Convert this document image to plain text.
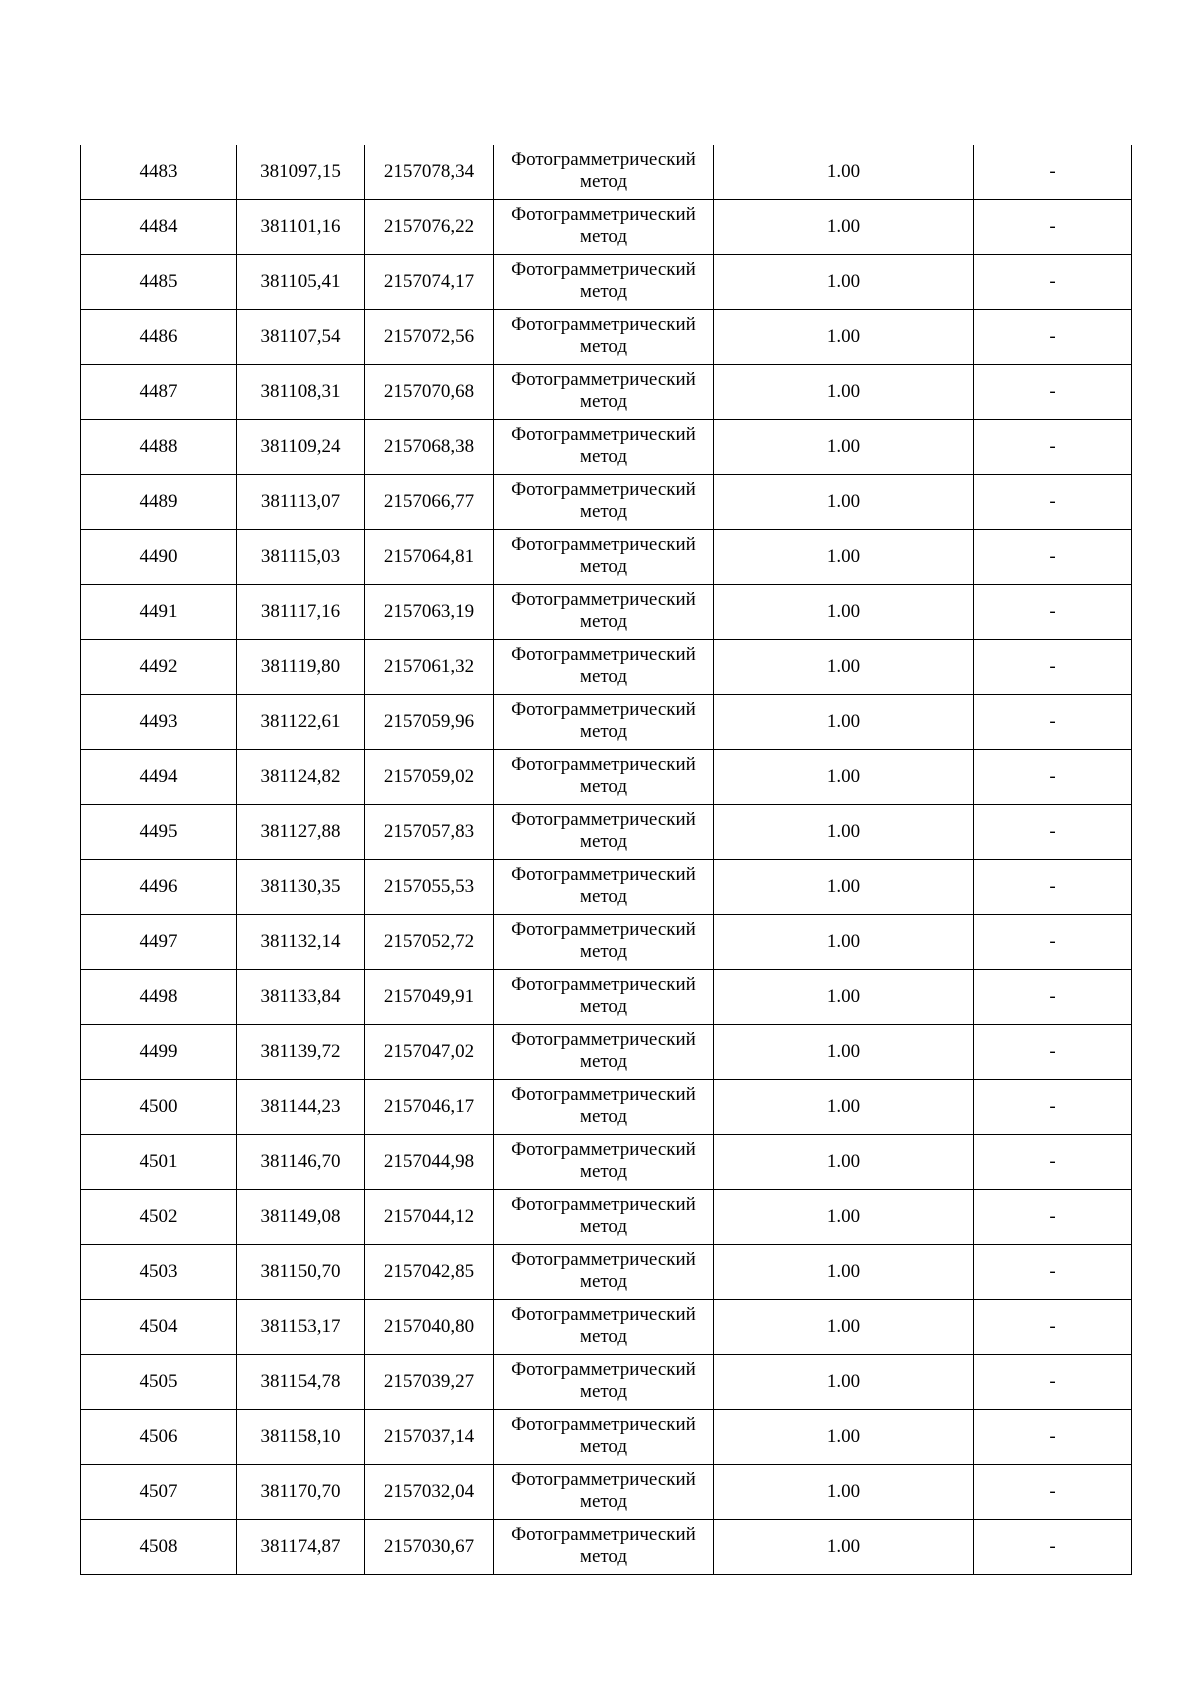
4483	381097,15	2157078,34	Фотограмметрический
метод	1.00	-
4484	381101,16	2157076,22	Фотограмметрический
метод	1.00	-
4485	381105,41	2157074,17	Фотограмметрический
метод	1.00	-
4486	381107,54	2157072,56	Фотограмметрический
метод	1.00	-
4487	381108,31	2157070,68	Фотограмметрический
метод	1.00	-
4488	381109,24	2157068,38	Фотограмметрический
метод	1.00	-
4489	381113,07	2157066,77	Фотограмметрический
метод	1.00	-
4490	381115,03	2157064,81	Фотограмметрический
метод	1.00	-
4491	381117,16	2157063,19	Фотограмметрический
метод	1.00	-
4492	381119,80	2157061,32	Фотограмметрический
метод	1.00	-
4493	381122,61	2157059,96	Фотограмметрический
метод	1.00	-
4494	381124,82	2157059,02	Фотограмметрический
метод	1.00	-
4495	381127,88	2157057,83	Фотограмметрический
метод	1.00	-
4496	381130,35	2157055,53	Фотограмметрический
метод	1.00	-
4497	381132,14	2157052,72	Фотограмметрический
метод	1.00	-
4498	381133,84	2157049,91	Фотограмметрический
метод	1.00	-
4499	381139,72	2157047,02	Фотограмметрический
метод	1.00	-
4500	381144,23	2157046,17	Фотограмметрический
метод	1.00	-
4501	381146,70	2157044,98	Фотограмметрический
метод	1.00	-
4502	381149,08	2157044,12	Фотограмметрический
метод	1.00	-
4503	381150,70	2157042,85	Фотограмметрический
метод	1.00	-
4504	381153,17	2157040,80	Фотограмметрический
метод	1.00	-
4505	381154,78	2157039,27	Фотограмметрический
метод	1.00	-
4506	381158,10	2157037,14	Фотограмметрический
метод	1.00	-
4507	381170,70	2157032,04	Фотограмметрический
метод	1.00	-
4508	381174,87	2157030,67	Фотограмметрический
метод	1.00	-
